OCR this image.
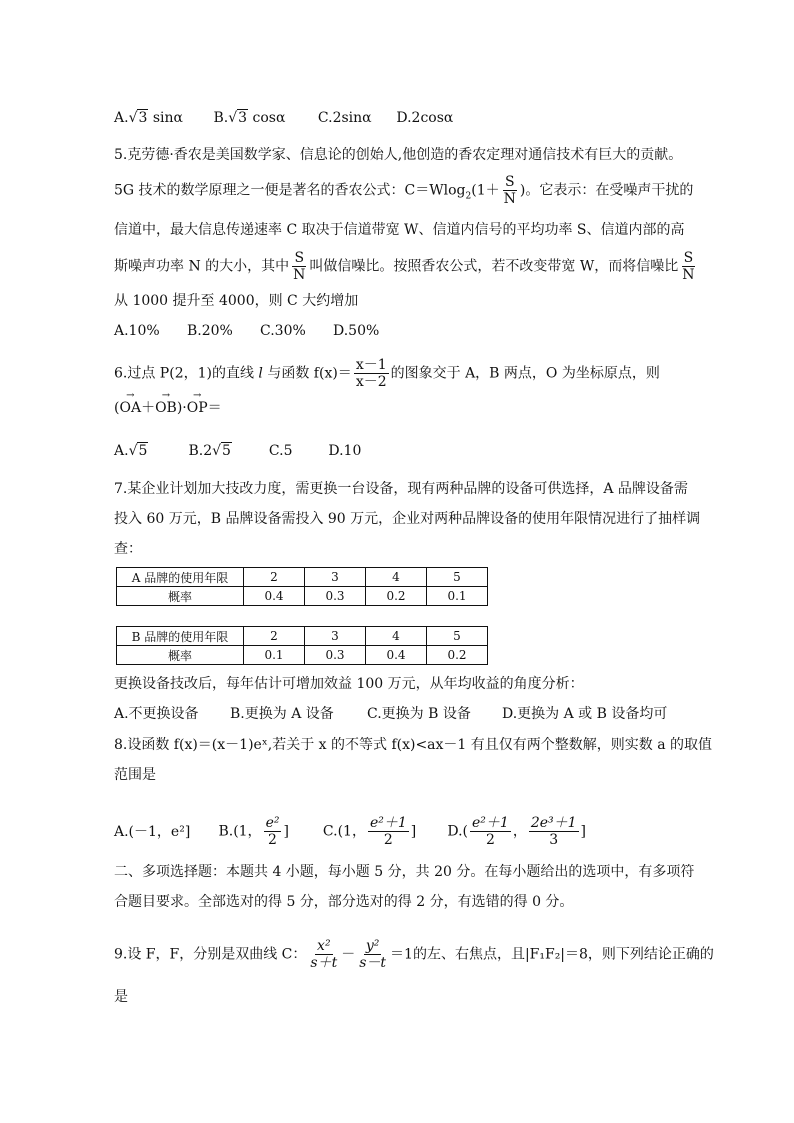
A.√3 sinα B.√3 cosα C.2sinα D.2cosα
5.克劳德·香农是美国数学家、信息论的创始人,他创造的香农定理对通信技术有巨大的贡献。
5G 技术的数学原理之一便是著名的香农公式：$C=Wlog_2(1+ \frac{S}{N}$ )。它表示：在受噪声干扰的
信道中，最大信息传递速率 C 取决于信道带宽 W、信道内信号的平均功率 S、信道内部的高
斯噪声功率 N 的大小，其中 $\frac{S}{N}$ 叫做信噪比。按照香农公式，若不改变带宽 W，而将信噪比 $\frac{S}{N}$
从 1000 提升至 4000，则 C 大约增加
A.10% B.20% C.30% D.50%
6.过点 P(2，1)的直线 l 与函数 $f(x)= \frac{x-1}{x-2}$ 的图象交于 A，B 两点，O 为坐标原点，则
(→ OA＋→ OB)·→ OP＝
A.√5	B.2√5	C.5	D.10
7.某企业计划加大技改力度，需更换一台设备，现有两种品牌的设备可供选择，A 品牌设备需
投入 60 万元，B 品牌设备需投入 90 万元，企业对两种品牌设备的使用年限情况进行了抽样调
查：
A 品牌的使用年限	2	3	4	5
概率	0.4	0.3	0.2	0.1
B 品牌的使用年限	2	3	4	5
概率	0.1	0.3	0.4	0.2
更换设备技改后，每年估计可增加效益 100 万元，从年均收益的角度分析：
A.不更换设备 B.更换为 A 设备 C.更换为 B 设备 D.更换为 A 或 B 设备均可
8.设函数 f(x)＝(x－1)eˣ,若关于 x 的不等式 f(x)<ax－1 有且仅有两个整数解，则实数 a 的取值
范围是
A.(－1，e²] B.(1， $\frac{\text{e²}}{2}$ ] C.(1， $\frac{\text{e²＋1}}{2}$ ] $D.( \frac{\text{e²＋1}}{2}$ ， $\frac{\text{2e³＋1}}{3}$ ]
二、多项选择题：本题共 4 小题，每小题 5 分，共 20 分。在每小题给出的选项中，有多项符
合题目要求。全部选对的得 5 分，部分选对的得 2 分，有选错的得 0 分。
9.设 F，F，分别是双曲线 C： $\frac{\text{x²}}{s+t} - \frac{\text{y²}}{s-t} =1$的左、右焦点，且|F₁F₂|＝8，则下列结论正确的
是
